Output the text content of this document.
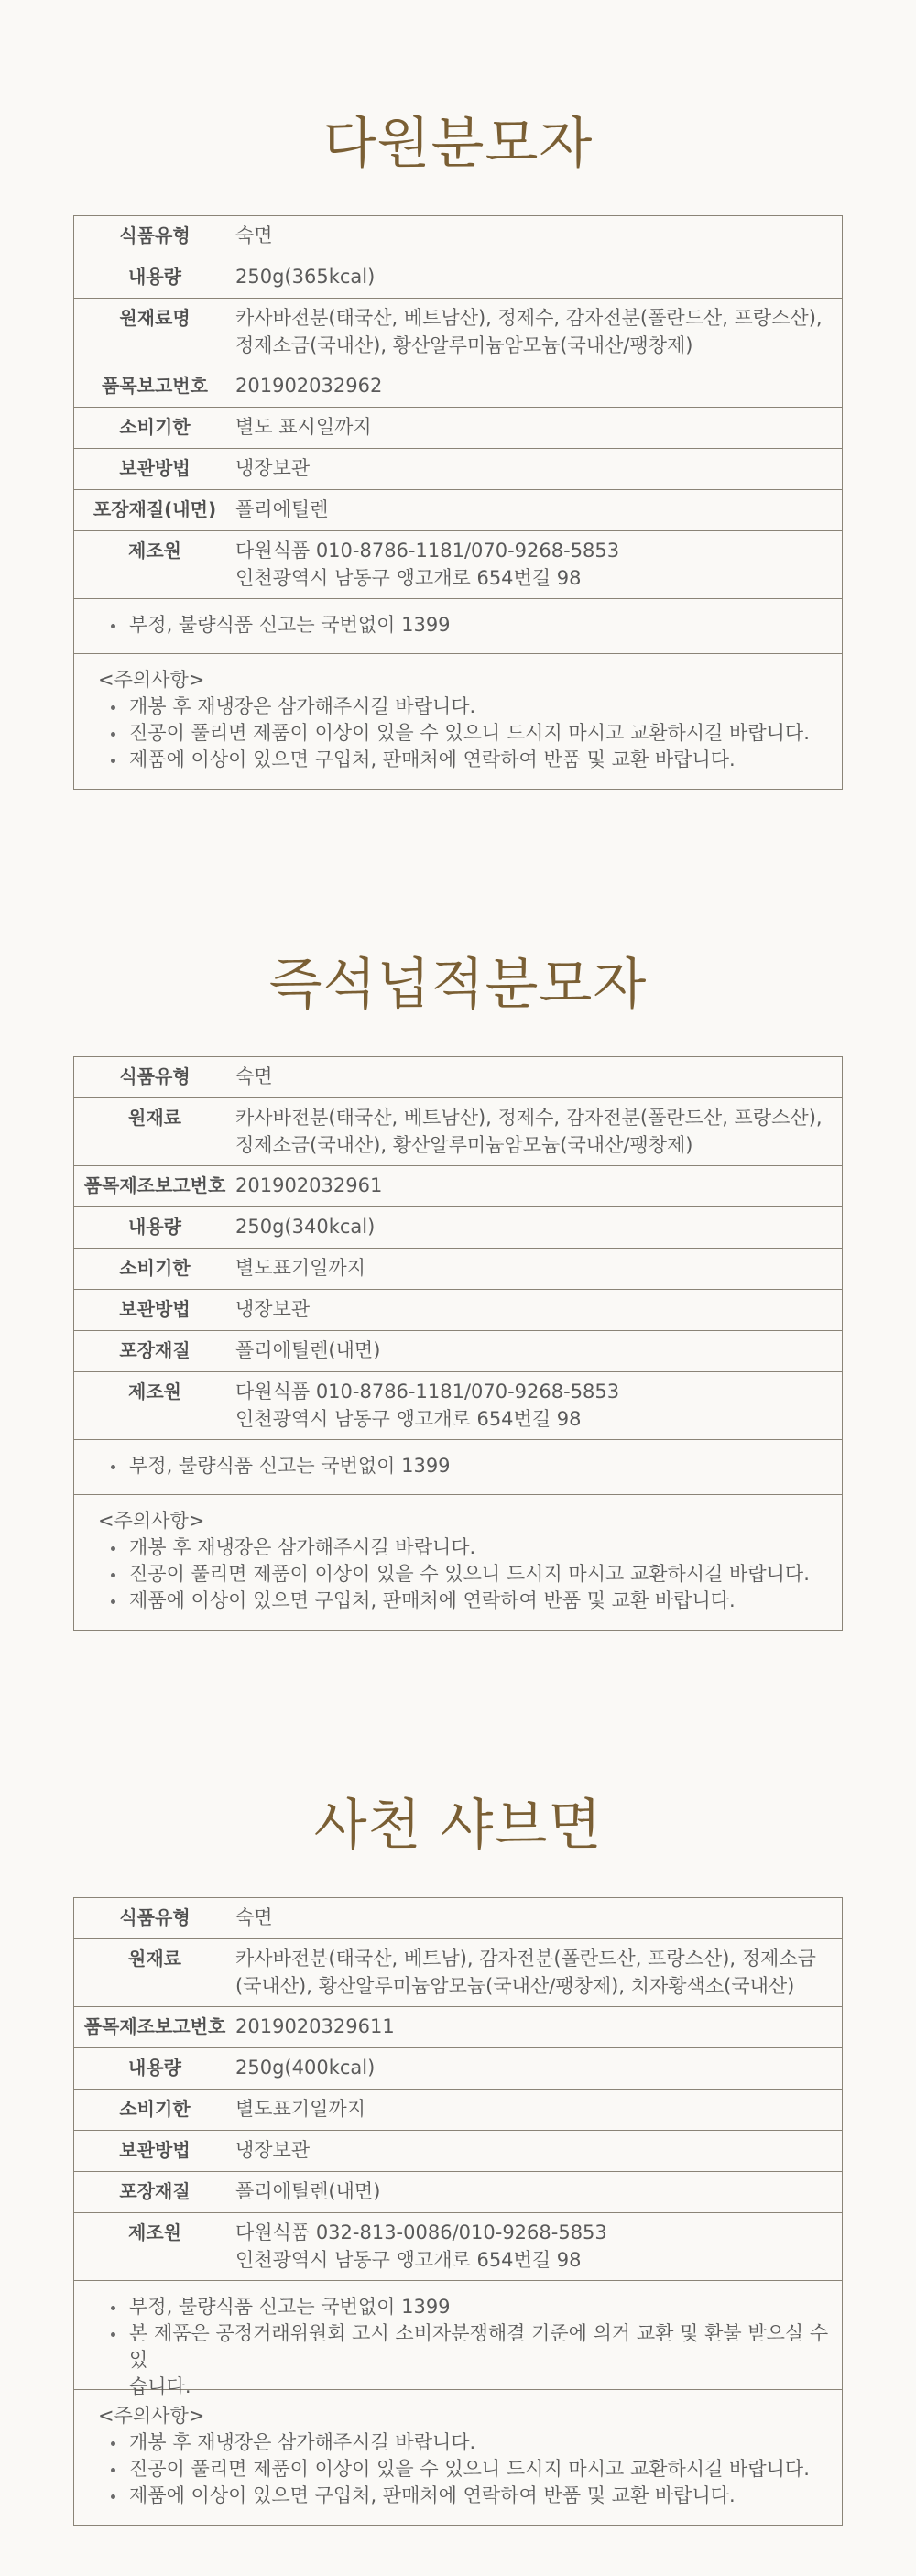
다원분모자
식품유형	숙면
내용량	250g(365kcal)
원재료명	카사바전분(태국산, 베트남산), 정제수, 감자전분(폴란드산, 프랑스산),
정제소금(국내산), 황산알루미늄암모늄(국내산/팽창제)
품목보고번호	201902032962
소비기한	별도 표시일까지
보관방법	냉장보관
포장재질(내면) 폴리에틸렌
제조원	다원식품 010-8786-1181/070-9268-5853
인천광역시 남동구 앵고개로 654번길 98
부정, 불량식품 신고는 국번없이 1399
<주의사항>
개봉 후 재냉장은 삼가해주시길 바랍니다.
진공이 풀리면 제품이 이상이 있을 수 있으니 드시지 마시고 교환하시길 바랍니다.
제품에 이상이 있으면 구입처, 판매처에 연락하여 반품 및 교환 바랍니다.
즉석넙적분모자
식품유형	숙면
원재료	카사바전분(태국산, 베트남산), 정제수, 감자전분(폴란드산, 프랑스산),
정제소금(국내산), 황산알루미늄암모늄(국내산/팽창제)
품목제조보고번호 201902032961
내용량	250g(340kcal)
소비기한	별도표기일까지
보관방법	냉장보관
포장재질	폴리에틸렌(내면)
제조원	다원식품 010-8786-1181/070-9268-5853
인천광역시 남동구 앵고개로 654번길 98
부정, 불량식품 신고는 국번없이 1399
<주의사항>
개봉 후 재냉장은 삼가해주시길 바랍니다.
진공이 풀리면 제품이 이상이 있을 수 있으니 드시지 마시고 교환하시길 바랍니다.
제품에 이상이 있으면 구입처, 판매처에 연락하여 반품 및 교환 바랍니다.
사천 샤브면
식품유형	숙면
원재료	카사바전분(태국산, 베트남), 감자전분(폴란드산, 프랑스산), 정제소금
(국내산), 황산알루미늄암모늄(국내산/팽창제), 치자황색소(국내산)
품목제조보고번호 2019020329611
내용량	250g(400kcal)
소비기한	별도표기일까지
보관방법	냉장보관
포장재질	폴리에틸렌(내면)
제조원	다원식품 032-813-0086/010-9268-5853
인천광역시 남동구 앵고개로 654번길 98
부정, 불량식품 신고는 국번없이 1399
본 제품은 공정거래위원회 고시 소비자분쟁해결 기준에 의거 교환 및 환불 받으실 수 있
습니다.
<주의사항>
개봉 후 재냉장은 삼가해주시길 바랍니다.
진공이 풀리면 제품이 이상이 있을 수 있으니 드시지 마시고 교환하시길 바랍니다.
제품에 이상이 있으면 구입처, 판매처에 연락하여 반품 및 교환 바랍니다.
